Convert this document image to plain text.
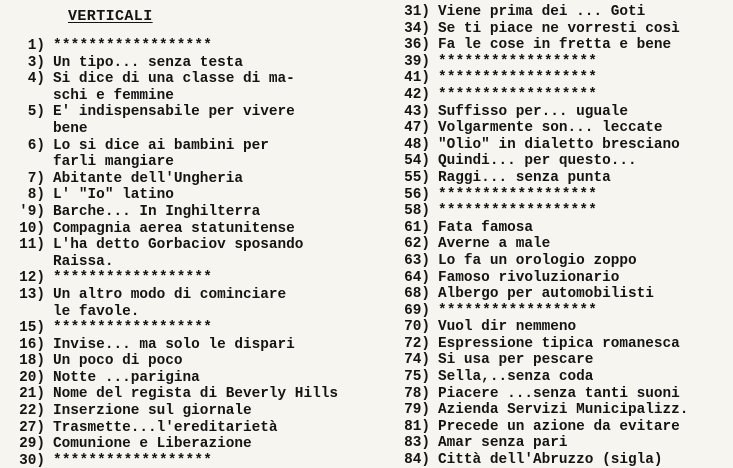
VERTICALI
1) ******************
3) Un tipo... senza testa
4) Si dice di una classe di ma-
schi e femmine
5) E' indispensabile per vivere
bene
6) Lo si dice ai bambini per
farli mangiare
7) Abitante dell'Ungheria
8) L' "Io" latino
'9) Barche... In Inghilterra
10) Compagnia aerea statunitense
11) L'ha detto Gorbaciov sposando
Raissa.
12) ******************
13) Un altro modo di cominciare
le favole.
15) ******************
16) Invise... ma solo le dispari
18) Un poco di poco
20) Notte ...parigina
21) Nome del regista di Beverly Hills
22) Inserzione sul giornale
27) Trasmette...l'ereditarietà
29) Comunione e Liberazione
30) ******************
31) Viene prima dei ... Goti
34) Se ti piace ne vorresti così
36) Fa le cose in fretta e bene
39) ******************
41) ******************
42) ******************
43) Suffisso per... uguale
47) Volgarmente son... leccate
48) "Olio" in dialetto bresciano
54) Quindi... per questo...
55) Raggi... senza punta
56) ******************
58) ******************
61) Fata famosa
62) Averne a male
63) Lo fa un orologio zoppo
64) Famoso rivoluzionario
68) Albergo per automobilisti
69) ******************
70) Vuol dir nemmeno
72) Espressione tipica romanesca
74) Si usa per pescare
75) Sella,..senza coda
78) Piacere ...senza tanti suoni
79) Azienda Servizi Municipalizz.
81) Precede un azione da evitare
83) Amar senza pari
84) Città dell'Abruzzo (sigla)
